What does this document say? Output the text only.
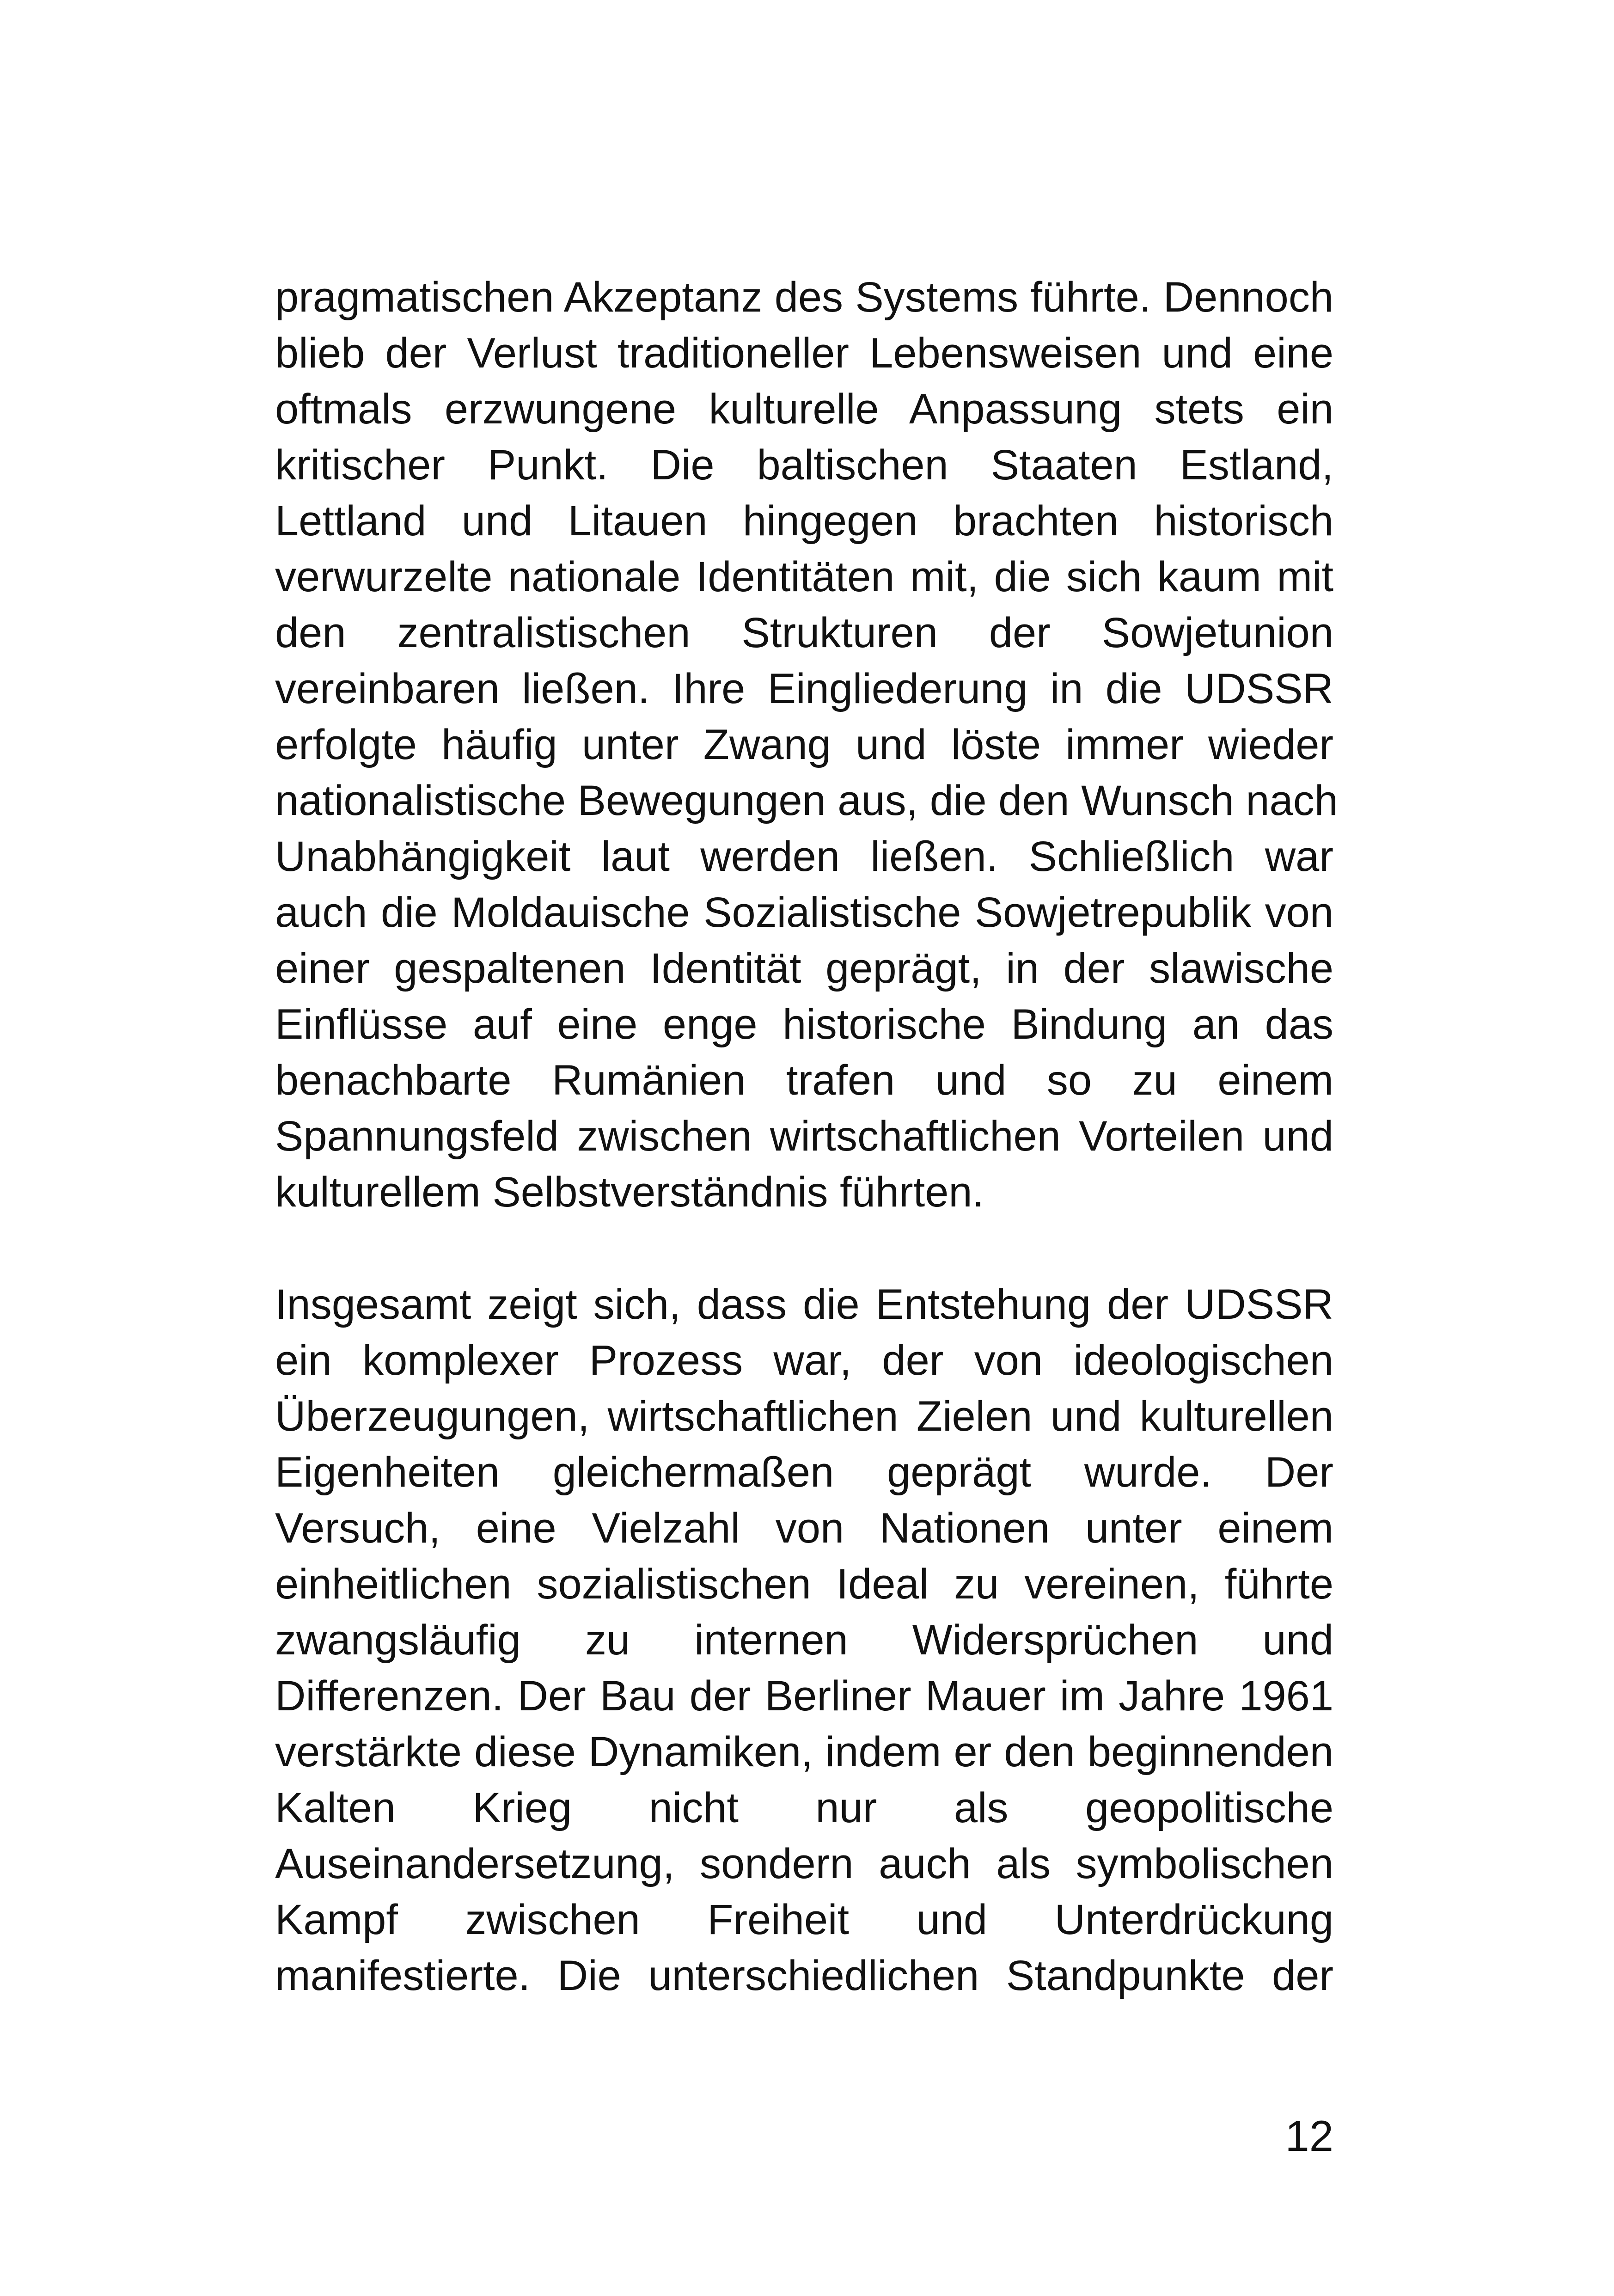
pragmatischen Akzeptanz des Systems führte. Dennoch
blieb der Verlust traditioneller Lebensweisen und eine
oftmals erzwungene kulturelle Anpassung stets ein
kritischer Punkt. Die baltischen Staaten Estland,
Lettland und Litauen hingegen brachten historisch
verwurzelte nationale Identitäten mit, die sich kaum mit
den zentralistischen Strukturen der Sowjetunion
vereinbaren ließen. Ihre Eingliederung in die UDSSR
erfolgte häufig unter Zwang und löste immer wieder
nationalistische Bewegungen aus, die den Wunsch nach
Unabhängigkeit laut werden ließen. Schließlich war
auch die Moldauische Sozialistische Sowjetrepublik von
einer gespaltenen Identität geprägt, in der slawische
Einflüsse auf eine enge historische Bindung an das
benachbarte Rumänien trafen und so zu einem
Spannungsfeld zwischen wirtschaftlichen Vorteilen und
kulturellem Selbstverständnis führten.
Insgesamt zeigt sich, dass die Entstehung der UDSSR
ein komplexer Prozess war, der von ideologischen
Überzeugungen, wirtschaftlichen Zielen und kulturellen
Eigenheiten gleichermaßen geprägt wurde. Der
Versuch, eine Vielzahl von Nationen unter einem
einheitlichen sozialistischen Ideal zu vereinen, führte
zwangsläufig zu internen Widersprüchen und
Differenzen. Der Bau der Berliner Mauer im Jahre 1961
verstärkte diese Dynamiken, indem er den beginnenden
Kalten Krieg nicht nur als geopolitische
Auseinandersetzung, sondern auch als symbolischen
Kampf zwischen Freiheit und Unterdrückung
manifestierte. Die unterschiedlichen Standpunkte der
12
